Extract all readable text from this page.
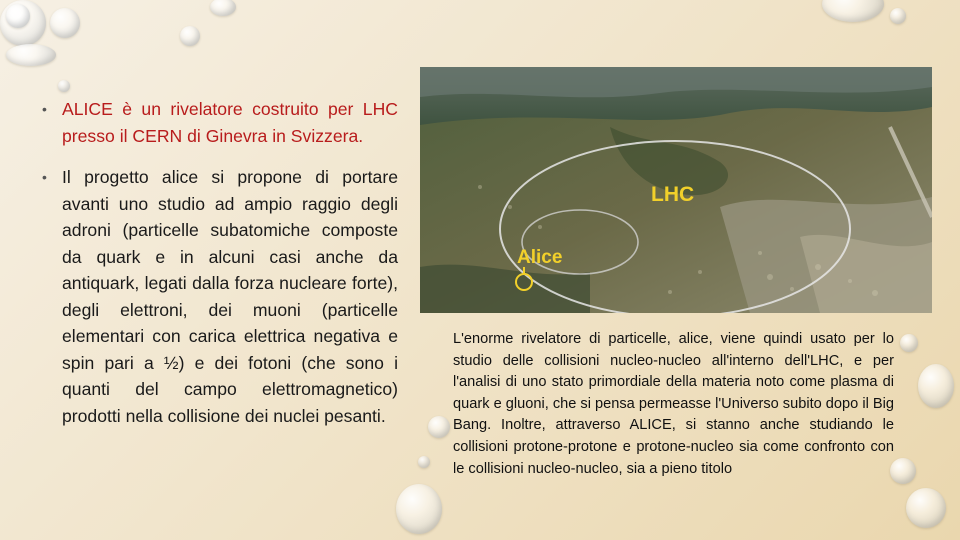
• ALICE è un rivelatore costruito per LHC presso il CERN di Ginevra in Svizzera.
• Il progetto alice si propone di portare avanti uno studio ad ampio raggio degli adroni (particelle subatomiche composte da quark e in alcuni casi anche da antiquark, legati dalla forza nucleare forte), degli elettroni, dei muoni (particelle elementari con carica elettrica negativa e spin pari a ½) e dei fotoni (che sono i quanti del campo elettromagnetico) prodotti nella collisione dei nuclei pesanti.
LHC
Alice
L'enorme rivelatore di particelle, alice, viene quindi usato per lo studio delle collisioni nucleo-nucleo all'interno dell'LHC, e per l'analisi di uno stato primordiale della materia noto come plasma di quark e gluoni, che si pensa permeasse l'Universo subito dopo il Big Bang. Inoltre, attraverso ALICE, si stanno anche studiando le collisioni protone-protone e protone-nucleo sia come confronto con le collisioni nucleo-nucleo, sia a pieno titolo
